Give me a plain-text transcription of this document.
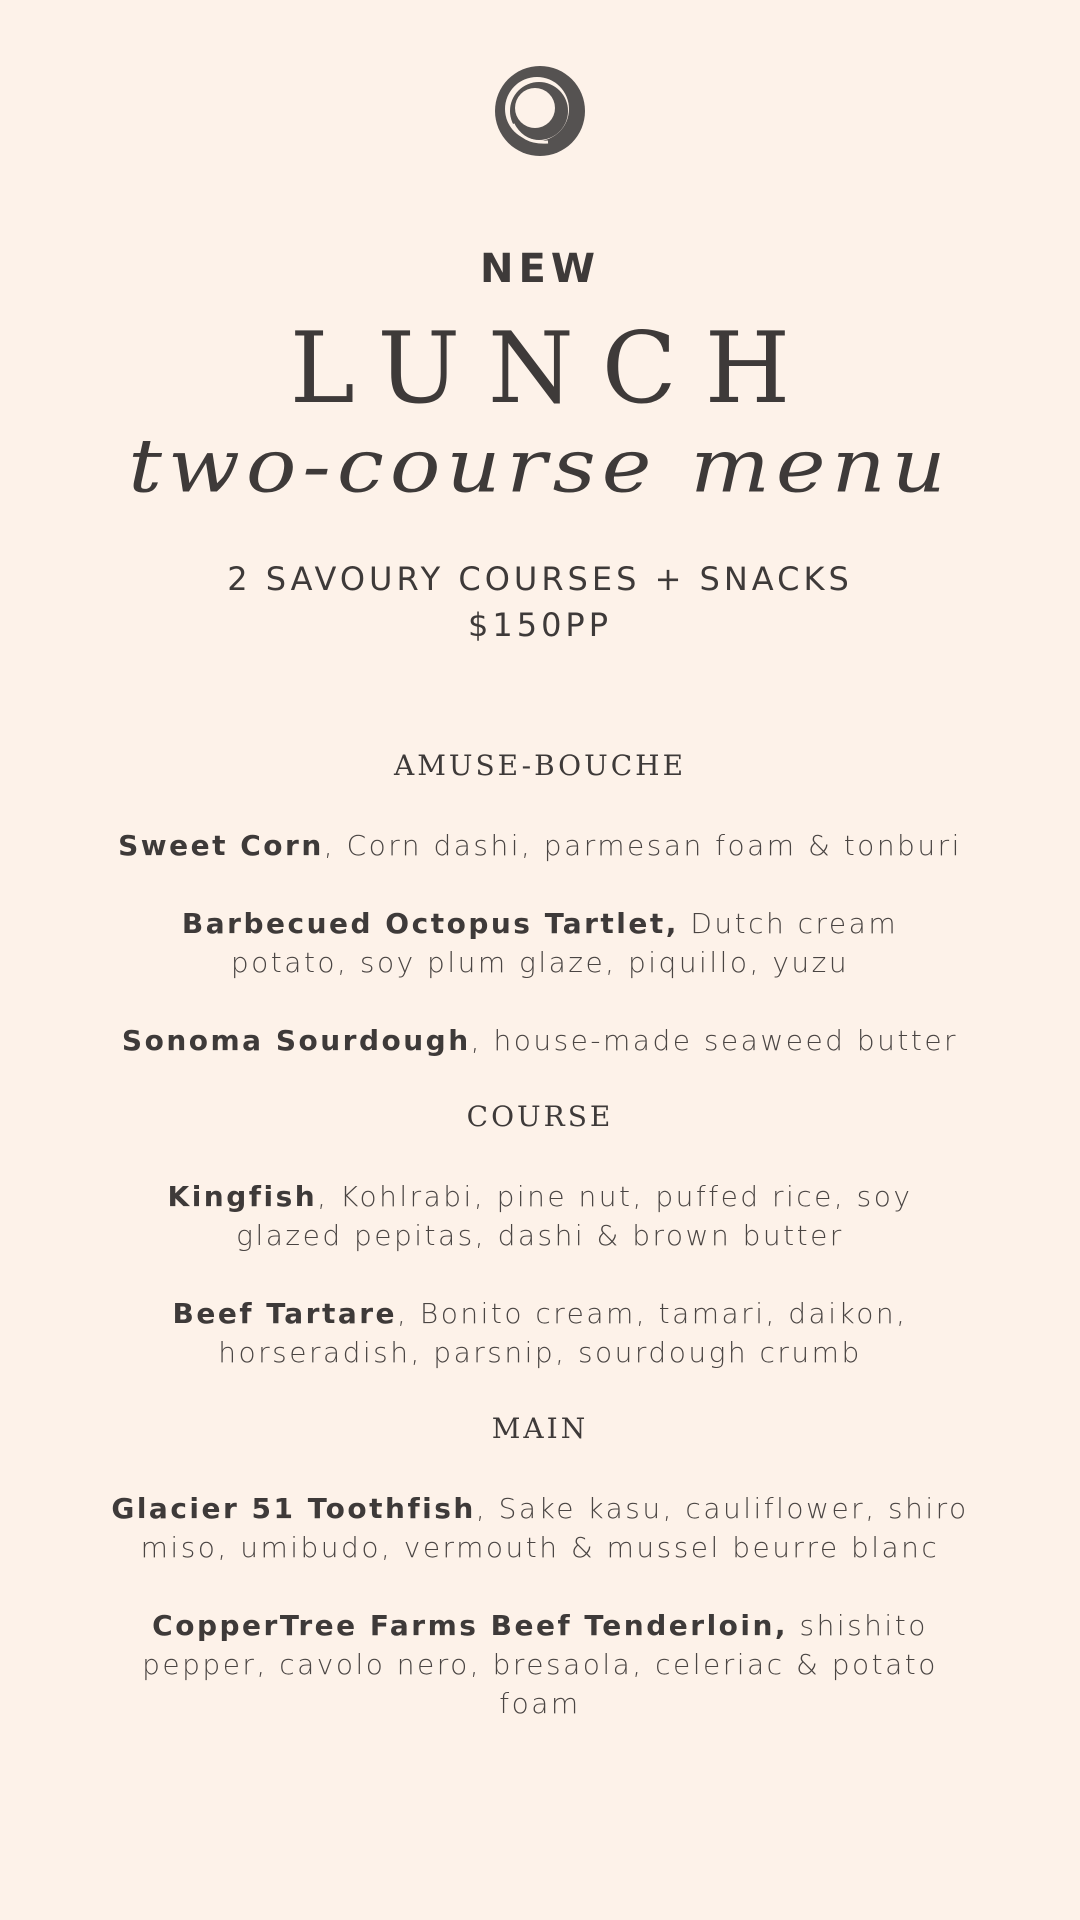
NEW
LUNCH
two-course menu
2 SAVOURY COURSES + SNACKS
$150PP
AMUSE-BOUCHE
Sweet Corn, Corn dashi, parmesan foam & tonburi
Barbecued Octopus Tartlet, Dutch cream potato, soy plum glaze, piquillo, yuzu
Sonoma Sourdough, house-made seaweed butter
COURSE
Kingfish, Kohlrabi, pine nut, puffed rice, soy glazed pepitas, dashi & brown butter
Beef Tartare, Bonito cream, tamari, daikon, horseradish, parsnip, sourdough crumb
MAIN
Glacier 51 Toothfish, Sake kasu, cauliflower, shiro miso, umibudo, vermouth & mussel beurre blanc
CopperTree Farms Beef Tenderloin, shishito pepper, cavolo nero, bresaola, celeriac & potato foam
